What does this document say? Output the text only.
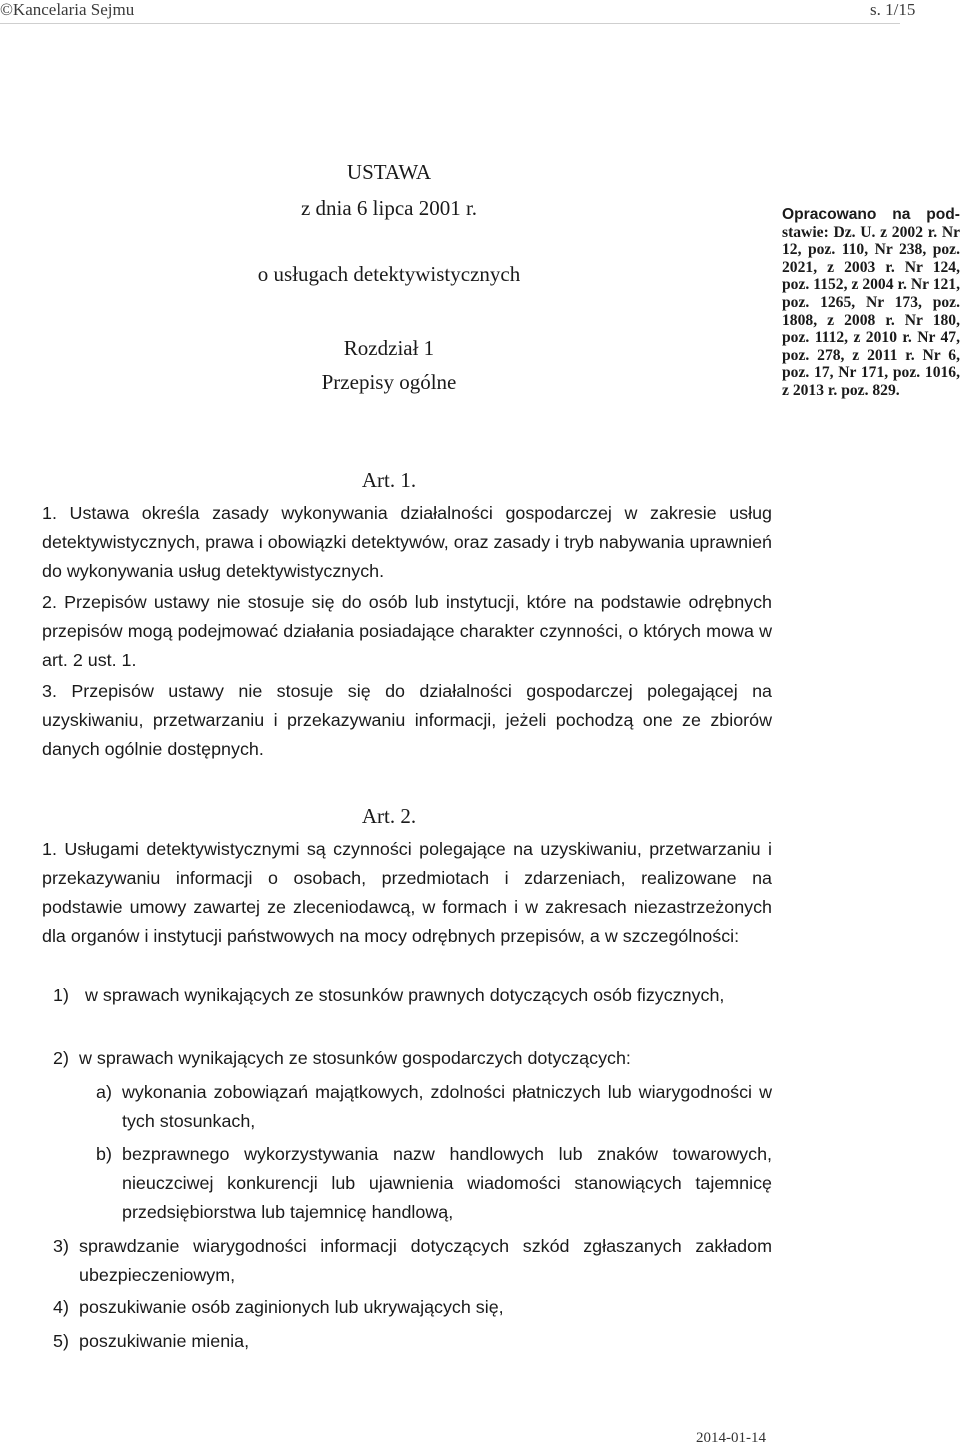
©Kancelaria Sejmu	s. 1/15
USTAWA
z dnia 6 lipca 2001 r.
o usługach detektywistycznych
Rozdział 1
Przepisy ogólne
Opracowano na pod- stawie: Dz. U. z 2002 r. Nr 12, poz. 110, Nr 238, poz. 2021, z 2003 r. Nr 124, poz. 1152, z 2004 r. Nr 121, poz. 1265, Nr 173, poz. 1808, z 2008 r. Nr 180, poz. 1112, z 2010 r. Nr 47, poz. 278, z 2011 r. Nr 6, poz. 17, Nr 171, poz. 1016, z 2013 r. poz. 829.
Art. 1.
1. Ustawa określa zasady wykonywania działalności gospodarczej w zakresie usług detektywistycznych, prawa i obowiązki detektywów, oraz zasady i tryb nabywania uprawnień do wykonywania usług detektywistycznych.
2. Przepisów ustawy nie stosuje się do osób lub instytucji, które na podstawie odrębnych przepisów mogą podejmować działania posiadające charakter czynności, o których mowa w art. 2 ust. 1.
3. Przepisów ustawy nie stosuje się do działalności gospodarczej polegającej na uzyskiwaniu, przetwarzaniu i przekazywaniu informacji, jeżeli pochodzą one ze zbiorów danych ogólnie dostępnych.
Art. 2.
1. Usługami detektywistycznymi są czynności polegające na uzyskiwaniu, przetwarzaniu i przekazywaniu informacji o osobach, przedmiotach i zdarzeniach, realizowane na podstawie umowy zawartej ze zleceniodawcą, w formach i w zakresach niezastrzeżonych dla organów i instytucji państwowych na mocy odrębnych przepisów, a w szczególności:
1) w sprawach wynikających ze stosunków prawnych dotyczących osób fizycznych,
2) w sprawach wynikających ze stosunków gospodarczych dotyczących:
a) wykonania zobowiązań majątkowych, zdolności płatniczych lub wiarygodności w tych stosunkach,
b) bezprawnego wykorzystywania nazw handlowych lub znaków towarowych, nieuczciwej konkurencji lub ujawnienia wiadomości stanowiących tajemnicę przedsiębiorstwa lub tajemnicę handlową,
3) sprawdzanie wiarygodności informacji dotyczących szkód zgłaszanych zakładom ubezpieczeniowym,
4) poszukiwanie osób zaginionych lub ukrywających się,
5) poszukiwanie mienia,
2014-01-14
